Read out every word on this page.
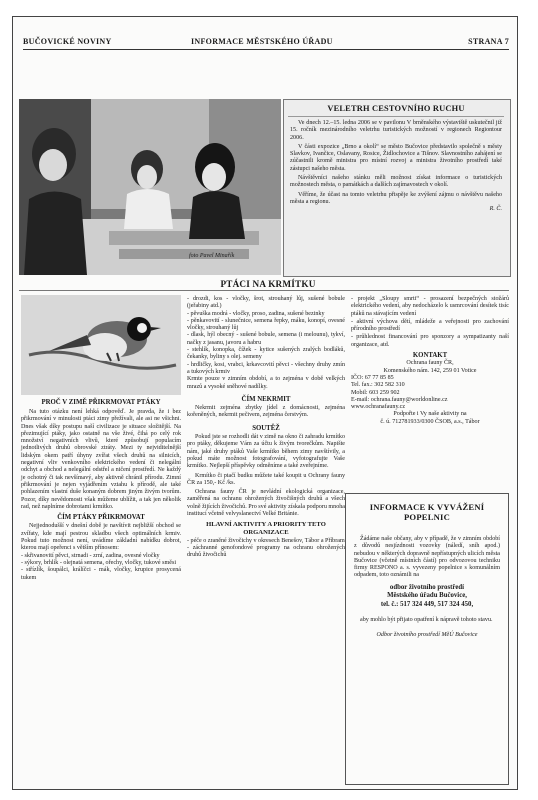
BUČOVICKÉ NOVINY	INFORMACE MĚSTSKÉHO ÚŘADU	STRANA 7
VELETRH CESTOVNÍHO RUCHU
Ve dnech 12.–15. ledna 2006 se v pavilonu V brněnského výstaviště uskutečnil již 15. ročník mezinárodního veletrhu turistických možností v regionech Regiontour 2006.
V části expozice „Brno a okolí“ se město Bučovice představilo společně s městy Slavkov, Ivančice, Oslavany, Rosice, Židlochovice a Tišnov. Slavnostního zahájení se zúčastnili kromě ministra pro místní rozvoj a ministra životního prostředí také zástupci našeho města.
Návštěvníci našeho stánku měli možnost získat informace o turistických možnostech města, o památkách a dalších zajímavostech v okolí.
Věříme, že účast na tomto veletrhu přispěje ke zvýšení zájmu o návštěvu našeho města a regionu.
R. Č.
foto Pavel Minařík
PTÁCI NA KRMÍTKU
PROČ V ZIMĚ PŘIKRMOVAT PTÁKY
Na tuto otázku není lehká odpověď. Je pravda, že i bez přikrmování v minulosti ptáci zimy přežívali, ale asi ne všichni. Dnes však díky postupu naší civilizace je situace složitější. Na přezimující ptáky, jako ostatně na vše živé, čihá po celý rok množství negativních vlivů, které způsobují populacím jednotlivých druhů obrovské ztráty. Mezi ty nejviditelnější lidským okem patří úhyny zvířat všech druhů na silnicích, negativní vliv venkovního elektrického vedení či nelegální odchyt a obchod a nelegální odstřel a ničení prostředí. Ne každý je ochotný či tak nevšímavý, aby aktivně chránil přírodu. Zimní přikrmování je nejen vyjádřením vztahu k přírodě, ale také pohlazením vlastní duše konaným dobrem jiným živým tvorům. Pozor, díky nevědomosti však můžeme ublížit, a tak jen několik rad, než naplníme dobrotami krmítko.
ČÍM PTÁKY PŘIKRMOVAT
Nejjednodušší v dnešní době je navštívit nejbližší obchod se zvířaty, kde mají pestrou skladbu všech optimálních krmiv. Pokud tuto možnost není, uvádíme základní nabídku dobrot, kterou mají opeřenci s větším přínosem:
- skřivanovití pěvci, strnadi - zrní, zadina, ovesné vločky
- sýkory, brhlík - olejnatá semena, ořechy, vločky, tukové směsi
- střízlík, šoupálci, králíčci - mák, vločky, krupice prosycená tukem
- drozdi, kos - vločky, šrot, strouhaný lůj, sušené bobule (jeřabiny atd.)
- pěvuška modrá - vločky, proso, zadina, sušené bezinky
- pěnkavovití - slunečnice, semena řepky, máku, konopí, ovesné vločky, strouhaný lůj
- dlask, hýl obecný - sušené bobule, semena (i melounu), tykví, načky z jasanu, javoru a habru
- stehlík, konopka, čížek - kytice sušených zralých bodláků, čekanky, byliny s olej. semeny
- hrdličky, kosi, vrabci, krkavcovití pěvci - všechny druhy zmín a tukových krmiv
Krmte pouze v zimním období, a to zejména v době velkých mrazů a vysoké sněhové nadílky.
ČÍM NEKRMIT
Nekrmit zejména zbytky jídel z domácnosti, zejména kořeněných, nekrmit pečivem, zejména čerstvým.
SOUTĚŽ
Pokud jste se rozhodli dát v zimě na okno či zahradu krmítko pro ptáky, děkujeme Vám za účtu k živým tvorečkům. Napište nám, jaké druhy ptáků Vaše krmítko během zimy navštívily, a pokud máte možnost fotografování, vyfotografujte Vaše krmítko. Nejlepší příspěvky odměníme a také zveřejníme.
Krmítko či ptačí budku můžete také koupit u Ochrany fauny ČR za 150,- Kč /ks.
Ochrana fauny ČR je nevládní ekologická organizace, zaměřená na ochranu ohrožených živočišných druhů a všech volně žijících živočichů. Pro své aktivity získala podporu mnoha institucí včetně velvyslanectví Velké Británie.
HLAVNÍ AKTIVITY A PRIORITY TETO ORGANIZACE
- péče o zraněné živočichy v okresech Benešov, Tábor a Příbram
- záchranné genofondové programy na ochranu ohrožených druhů živočichů
- projekt „Sloupy smrti“ - prosazení bezpečných stožárů elektrického vedení, aby nedocházelo k usmrcování desítek tisíc ptáků na stávajícím vedení
- aktivní výchova dětí, mládeže a veřejnosti pro zachování přírodního prostředí
- průhlednost financování pro sponzory a sympatizanty naší organizace, atd.
KONTAKT
Ochrana fauny ČR,
Komenského nám. 142, 259 01 Votice
IČO: 67 77 85 85
Tel. fax.: 302 582 310
Mobil: 603 259 902
E-mail: ochrana.fauny@worldonline.cz
www.ochranafauny.cz
Podpořte i Vy naše aktivity na
č. ú. 712781933/0300 ČSOB, a.s., Tábor
INFORMACE K VYVÁŽENÍ
POPELNIC
Žádáme naše občany, aby v případě, že v zimním období z důvodů nesjízdnosti vozovky (náledí, sníh apod.) nebudou v některých dopravně nepřístupných ulicích města Bučovice (včetně místních částí) pro odvozovou techniku firmy RESPONO a. s. vyvezeny popelnice s komunálním odpadem, toto oznámili na
odbor životního prostředí
Městského úřadu Bučovice,
tel. č.: 517 324 449, 517 324 450,
aby mohlo být přijato opatření k nápravě tohoto stavu.
Odbor životního prostředí MěÚ Bučovice
